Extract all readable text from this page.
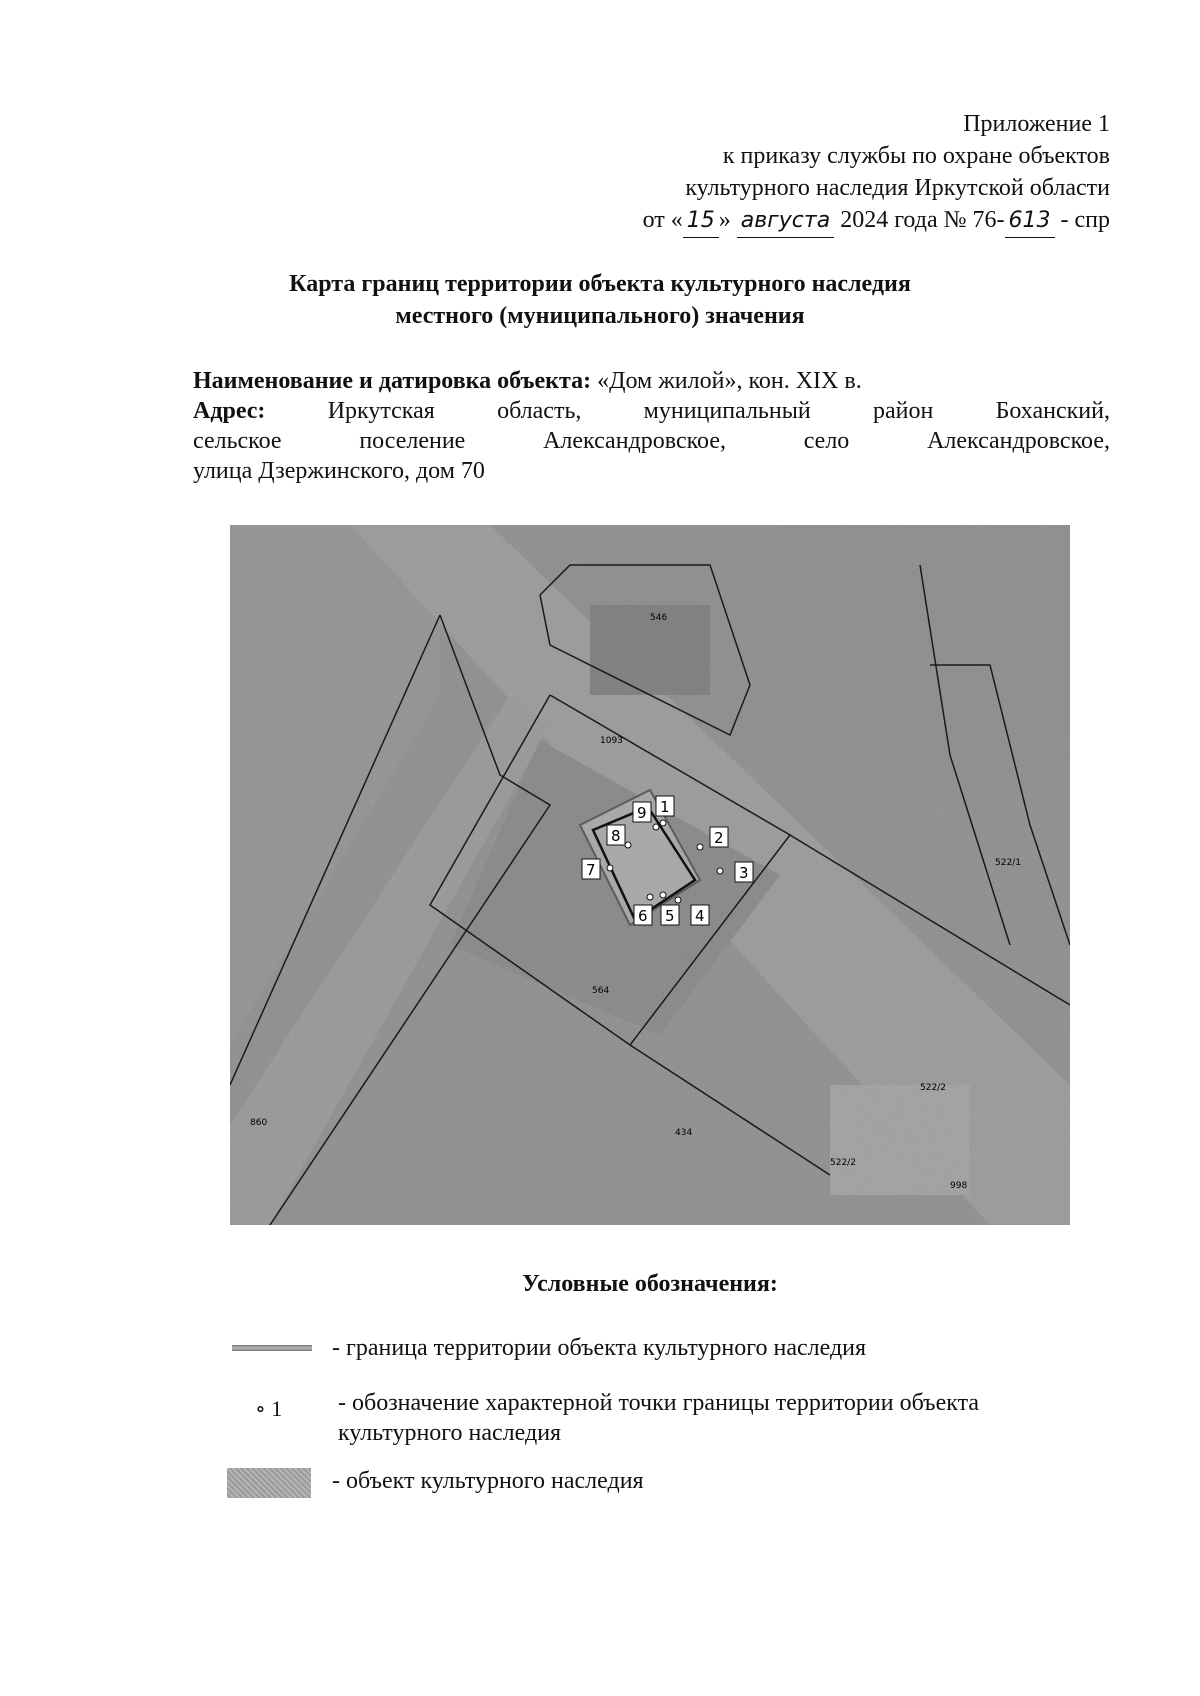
Приложение 1
к приказу службы по охране объектов
культурного наследия Иркутской области
от « 15 » августа 2024 года № 76- 613 - спр
Карта границ территории объекта культурного наследия
местного (муниципального) значения
Наименование и датировка объекта: «Дом жилой», кон. XIX в.
Адрес:	Иркутская	область,	муниципальный	район	Боханский,
сельское	поселение	Александровское,	село	Александровское,
улица Дзержинского, дом 70
546
1093
564
434
522/1
522/2
522/2
998
860
1
2
3
4
5
6
7
8
9
Условные обозначения:
- граница территории объекта культурного наследия
∘ 1 - обозначение характерной точки границы территории объекта
культурного наследия
- объект культурного наследия
